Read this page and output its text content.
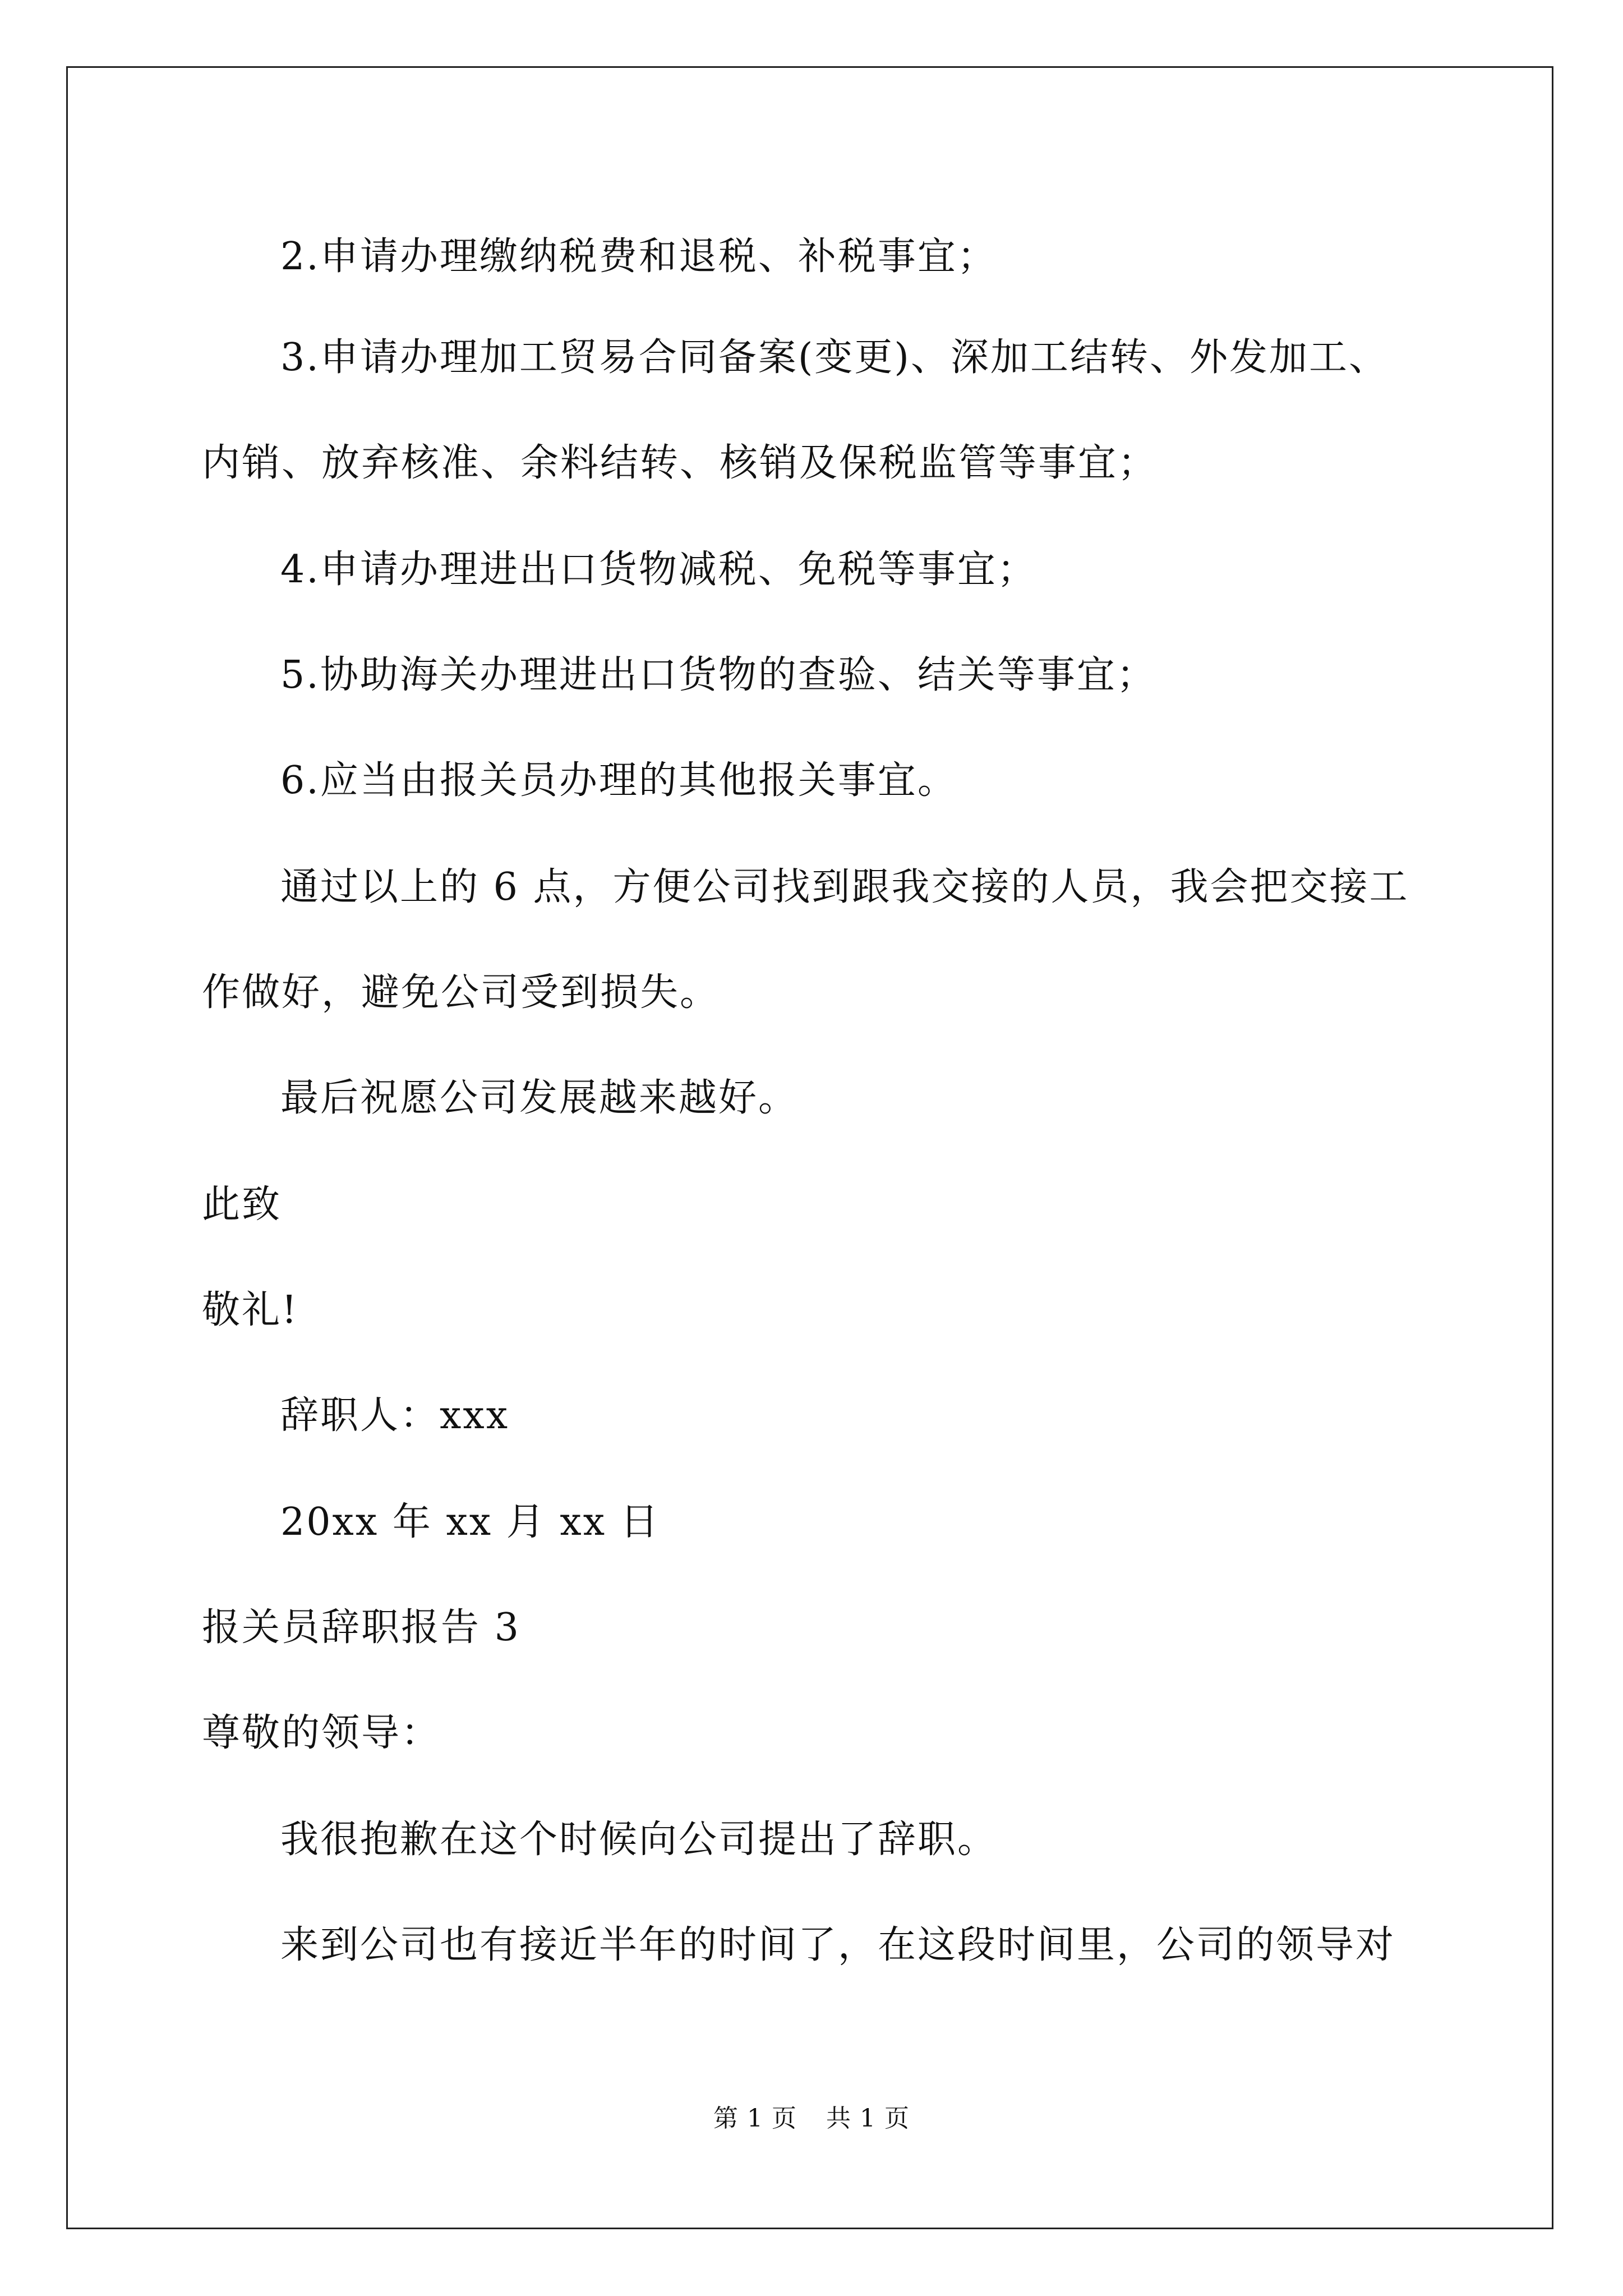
2.申请办理缴纳税费和退税、补税事宜；
3.申请办理加工贸易合同备案(变更)、深加工结转、外发加工、
内销、放弃核准、余料结转、核销及保税监管等事宜；
4.申请办理进出口货物减税、免税等事宜；
5.协助海关办理进出口货物的查验、结关等事宜；
6.应当由报关员办理的其他报关事宜。
通过以上的 6 点，方便公司找到跟我交接的人员，我会把交接工
作做好，避免公司受到损失。
最后祝愿公司发展越来越好。
此致
敬礼!
辞职人：xxx
20xx 年 xx 月 xx 日
报关员辞职报告 3
尊敬的领导：
我很抱歉在这个时候向公司提出了辞职。
来到公司也有接近半年的时间了，在这段时间里，公司的领导对
第 1 页 共 1 页
